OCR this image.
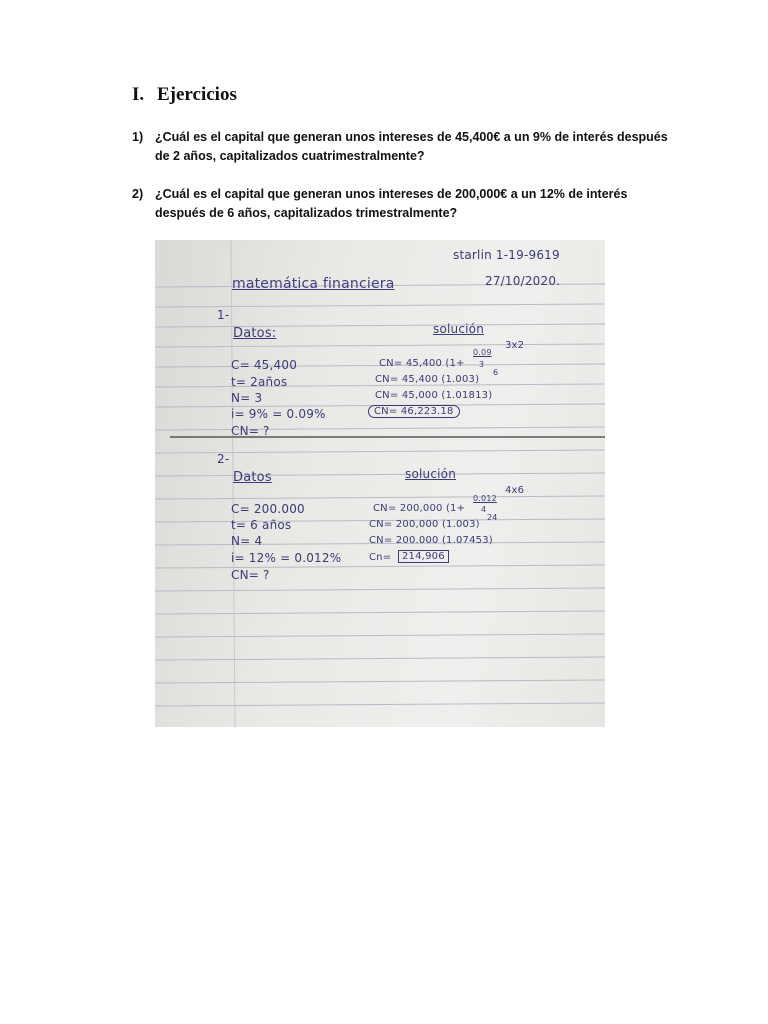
I. Ejercicios
1) ¿Cuál es el capital que generan unos intereses de 45,400€ a un 9% de interés después de 2 años, capitalizados cuatrimestralmente?
2) ¿Cuál es el capital que generan unos intereses de 200,000€ a un 12% de interés después de 6 años, capitalizados trimestralmente?
starlin 1-19-9619
27/10/2020.
matemática financiera
1-
Datos:	solución
C= 45,400
t= 2años
N= 3
i= 9% = 0.09%
CN= ?
3x2
CN= 45,400 (1+
0.09
3
CN= 45,400 (1.003)
6
CN= 45,000 (1.01813)
CN= 46,223.18
2-
Datos	solución
C= 200.000
t= 6 años
N= 4
i= 12% = 0.012%
CN= ?
4x6
CN= 200,000 (1+
0.012
4
CN= 200,000 (1.003)
24
CN= 200.000 (1.07453)
Cn=	214,906
